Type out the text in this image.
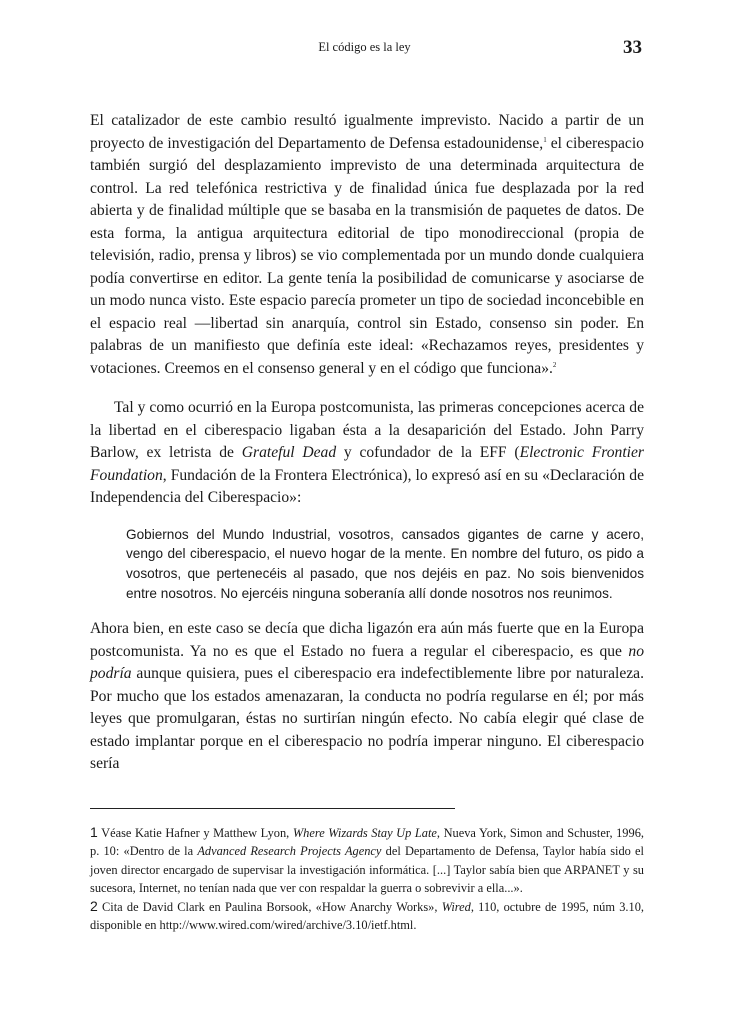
El código es la ley	33

El catalizador de este cambio resultó igualmente imprevisto. Nacido a partir de un proyecto de investigación del Departamento de Defensa estadounidense,$^1$ el ciberespacio también surgió del desplazamiento imprevisto de una determinada arquitectura de control. La red telefónica restrictiva y de finalidad única fue desplazada por la red abierta y de finalidad múltiple que se basaba en la transmisión de paquetes de datos. De esta forma, la antigua arquitectura editorial de tipo monodireccional (propia de televisión, radio, prensa y libros) se vio complementada por un mundo donde cualquiera podía convertirse en editor. La gente tenía la posibilidad de comunicarse y asociarse de un modo nunca visto. Este espacio parecía prometer un tipo de sociedad inconcebible en el espacio real —libertad sin anarquía, control sin Estado, consenso sin poder. En palabras de un manifiesto que definía este ideal: «Rechazamos reyes, presidentes y votaciones. Creemos en el consenso general y en el código que funciona».$^2$

Tal y como ocurrió en la Europa postcomunista, las primeras concepciones acerca de la libertad en el ciberespacio ligaban ésta a la desaparición del Estado. John Parry Barlow, ex letrista de Grateful Dead y cofundador de la EFF (Electronic Frontier Foundation, Fundación de la Frontera Electrónica), lo expresó así en su «Declaración de Independencia del Ciberespacio»:

Gobiernos del Mundo Industrial, vosotros, cansados gigantes de carne y acero, vengo del ciberespacio, el nuevo hogar de la mente. En nombre del futuro, os pido a vosotros, que pertenecéis al pasado, que nos dejéis en paz. No sois bienvenidos entre nosotros. No ejercéis ninguna soberanía allí donde nosotros nos reunimos.

Ahora bien, en este caso se decía que dicha ligazón era aún más fuerte que en la Europa postcomunista. Ya no es que el Estado no fuera a regular el ciberespacio, es que no podría aunque quisiera, pues el ciberespacio era indefectiblemente libre por naturaleza. Por mucho que los estados amenazaran, la conducta no podría regularse en él; por más leyes que promulgaran, éstas no surtirían ningún efecto. No cabía elegir qué clase de estado implantar porque en el ciberespacio no podría imperar ninguno. El ciberespacio sería

1 Véase Katie Hafner y Matthew Lyon, Where Wizards Stay Up Late, Nueva York, Simon and Schuster, 1996, p. 10: «Dentro de la Advanced Research Projects Agency del Departamento de Defensa, Taylor había sido el joven director encargado de supervisar la investigación informática. [...] Taylor sabía bien que ARPANET y su sucesora, Internet, no tenían nada que ver con respaldar la guerra o sobrevivir a ella...».

2 Cita de David Clark en Paulina Borsook, «How Anarchy Works», Wired, 110, octubre de 1995, núm 3.10, disponible en http://www.wired.com/wired/archive/3.10/ietf.html.
